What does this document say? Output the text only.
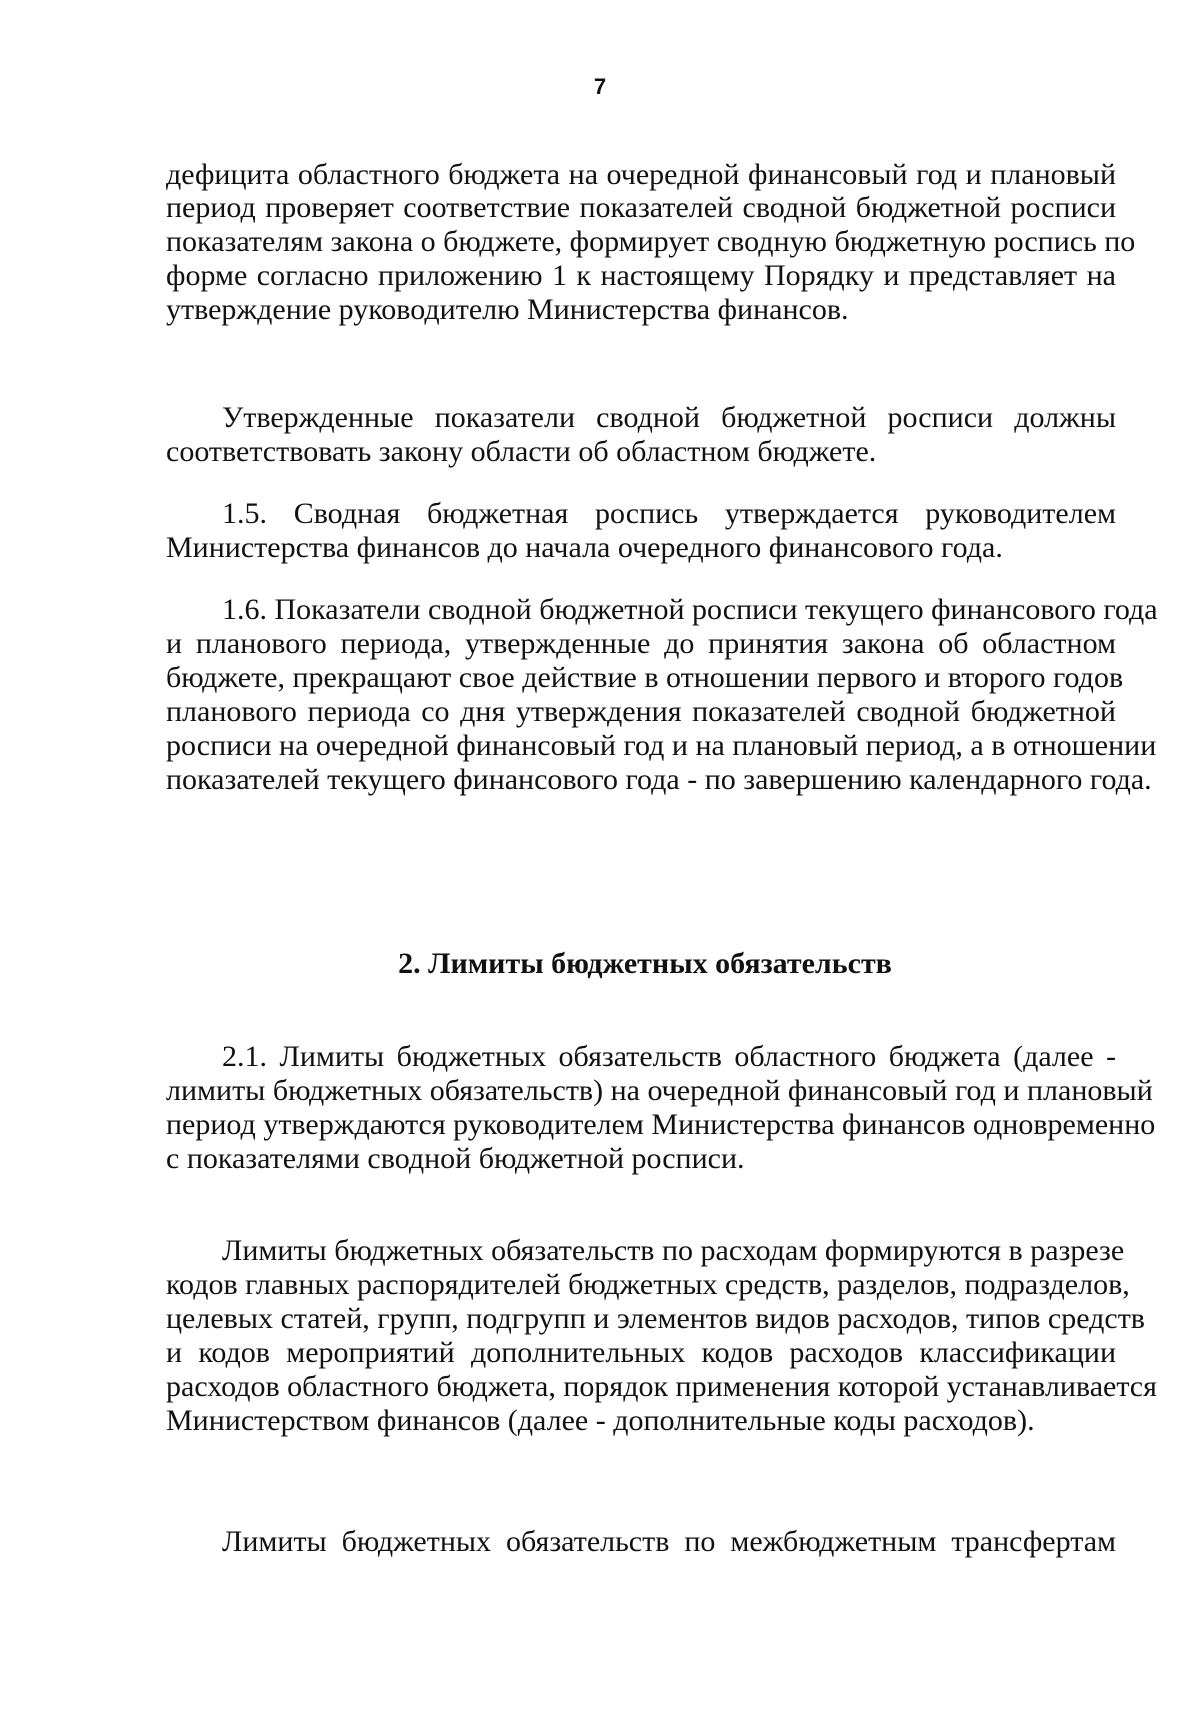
7
дефицита областного бюджета на очередной финансовый год и плановый
период проверяет соответствие показателей сводной бюджетной росписи
показателям закона о бюджете, формирует сводную бюджетную роспись по
форме согласно приложению 1 к настоящему Порядку и представляет на
утверждение руководителю Министерства финансов.
Утвержденные показатели сводной бюджетной росписи должны
соответствовать закону области об областном бюджете.
1.5. Сводная бюджетная роспись утверждается руководителем
Министерства финансов до начала очередного финансового года.
1.6. Показатели сводной бюджетной росписи текущего финансового года
и планового периода, утвержденные до принятия закона об областном
бюджете, прекращают свое действие в отношении первого и второго годов
планового периода со дня утверждения показателей сводной бюджетной
росписи на очередной финансовый год и на плановый период, а в отношении
показателей текущего финансового года - по завершению календарного года.
2. Лимиты бюджетных обязательств
2.1. Лимиты бюджетных обязательств областного бюджета (далее -
лимиты бюджетных обязательств) на очередной финансовый год и плановый
период утверждаются руководителем Министерства финансов одновременно
с показателями сводной бюджетной росписи.
Лимиты бюджетных обязательств по расходам формируются в разрезе
кодов главных распорядителей бюджетных средств, разделов, подразделов,
целевых статей, групп, подгрупп и элементов видов расходов, типов средств
и кодов мероприятий дополнительных кодов расходов классификации
расходов областного бюджета, порядок применения которой устанавливается
Министерством финансов (далее - дополнительные коды расходов).
Лимиты бюджетных обязательств по межбюджетным трансфертам
